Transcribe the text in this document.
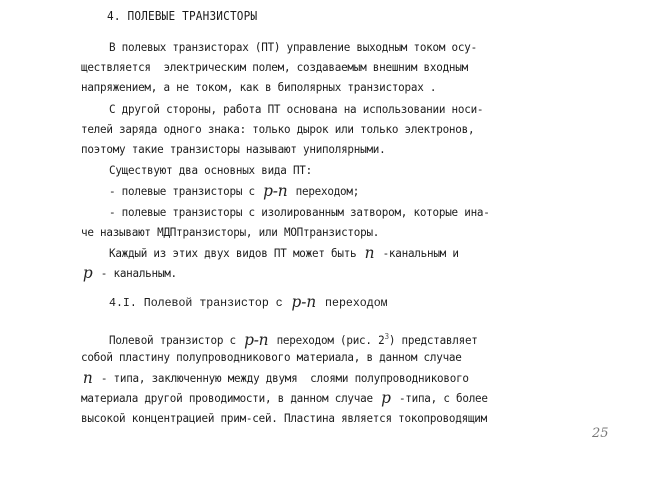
4. ПОЛЕВЫЕ ТРАНЗИСТОРЫ
В полевых транзисторах (ПТ) управление выходным током осу-
ществляется  электрическим полем, создаваемым внешним входным
напряжением, а не током, как в биполярных транзисторах .
С другой стороны, работа ПТ основана на использовании носи-
телей заряда одного знака: только дырок или только электронов,
поэтому такие транзисторы называют униполярными.
Существуют два основных вида ПТ:
- полевые транзисторы с p-n переходом;
- полевые транзисторы с изолированным затвором, которые ина-
че называют МДПтранзисторы, или МОПтранзисторы.
Каждый из этих двух видов ПТ может быть n -канальным и
p - канальным.
4.I. Полевой транзистор с p-n переходом
Полевой транзистор с p-n переходом (рис. $2^3$) представляет
собой пластину полупроводникового материала, в данном случае
n - типа, заключенную между двумя  слоями полупроводникового
материала другой проводимости, в данном случае p -типа, с более
высокой концентрацией прим-сей. Пластина является токопроводящим
25
